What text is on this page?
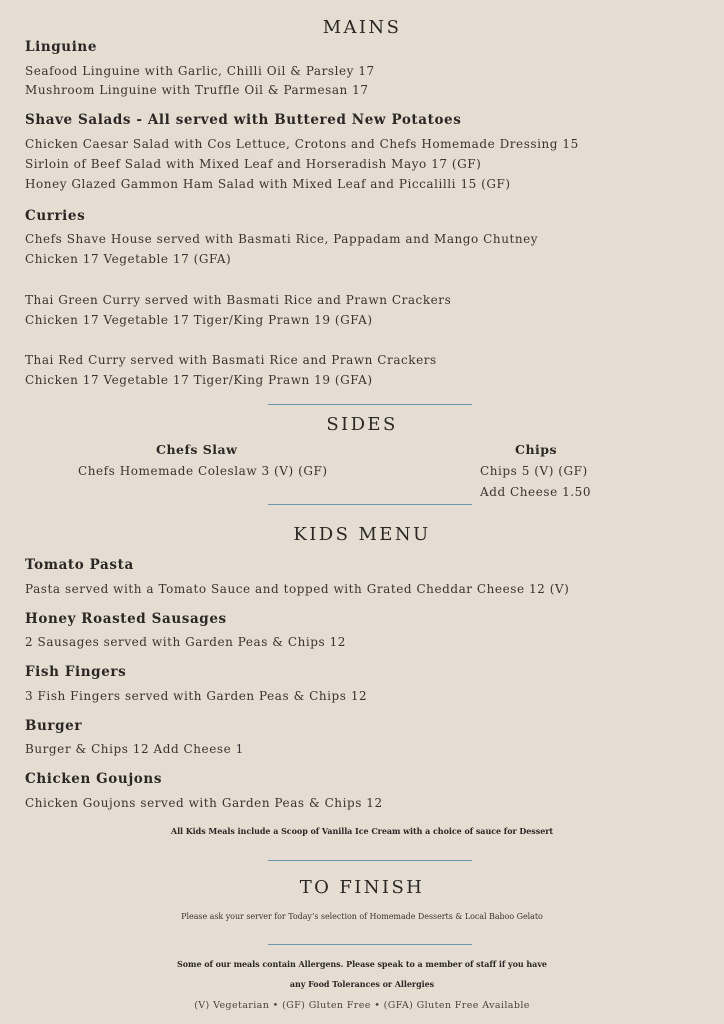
MAINS
Linguine

Seafood Linguine with Garlic, Chilli Oil & Parsley 17

Mushroom Linguine with Truffle Oil & Parmesan 17

Shave Salads - All served with Buttered New Potatoes

Chicken Caesar Salad with Cos Lettuce, Crotons and Chefs Homemade Dressing 15

Sirloin of Beef Salad with Mixed Leaf and Horseradish Mayo 17 (GF)

Honey Glazed Gammon Ham Salad with Mixed Leaf and Piccalilli 15 (GF)

Curries

Chefs Shave House served with Basmati Rice, Pappadam and Mango Chutney

Chicken 17 Vegetable 17 (GFA)

Thai Green Curry served with Basmati Rice and Prawn Crackers

Chicken 17 Vegetable 17 Tiger/King Prawn 19 (GFA)

Thai Red Curry served with Basmati Rice and Prawn Crackers

Chicken 17 Vegetable 17 Tiger/King Prawn 19 (GFA)

SIDES

Chefs Slaw

Chefs Homemade Coleslaw 3 (V) (GF)

Chips

Chips 5 (V) (GF)

Add Cheese 1.50

KIDS MENU
Tomato Pasta

Pasta served with a Tomato Sauce and topped with Grated Cheddar Cheese 12 (V)

Honey Roasted Sausages

2 Sausages served with Garden Peas & Chips 12

Fish Fingers

3 Fish Fingers served with Garden Peas & Chips 12

Burger

Burger & Chips 12 Add Cheese 1

Chicken Goujons

Chicken Goujons served with Garden Peas & Chips 12

All Kids Meals include a Scoop of Vanilla Ice Cream with a choice of sauce for Dessert

TO FINISH

Please ask your server for Today’s selection of Homemade Desserts & Local Baboo Gelato

Some of our meals contain Allergens. Please speak to a member of staff if you have

any Food Tolerances or Allergies

(V) Vegetarian • (GF) Gluten Free • (GFA) Gluten Free Available
